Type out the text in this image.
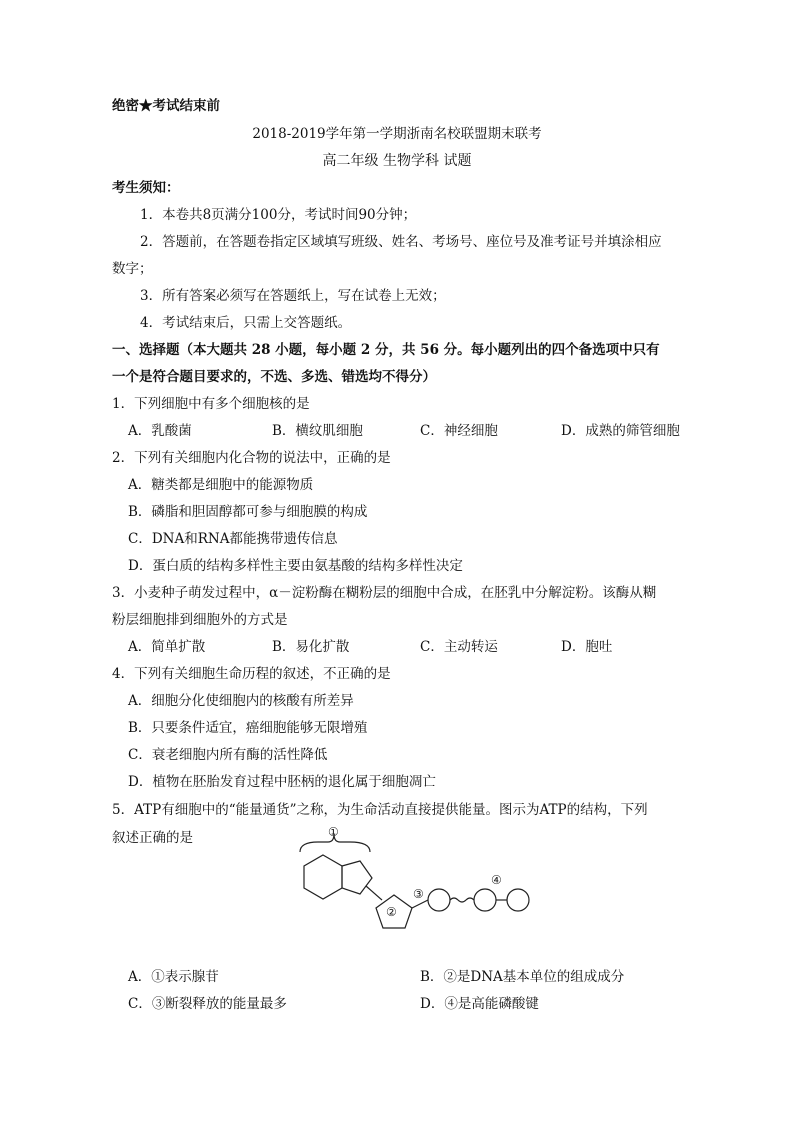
绝密★考试结束前
2018-2019学年第一学期浙南名校联盟期末联考
高二年级 生物学科 试题
考生须知：
1．本卷共8页满分100分，考试时间90分钟；
2．答题前，在答题卷指定区域填写班级、姓名、考场号、座位号及准考证号并填涂相应
数字；
3．所有答案必须写在答题纸上，写在试卷上无效；
4．考试结束后，只需上交答题纸。
一、选择题（本大题共 28 小题，每小题 2 分，共 56 分。每小题列出的四个备选项中只有
一个是符合题目要求的，不选、多选、错选均不得分）
1．下列细胞中有多个细胞核的是
A．乳酸菌	B．横纹肌细胞	C．神经细胞	D．成熟的筛管细胞
2．下列有关细胞内化合物的说法中，正确的是
A．糖类都是细胞中的能源物质
B．磷脂和胆固醇都可参与细胞膜的构成
C．DNA和RNA都能携带遗传信息
D．蛋白质的结构多样性主要由氨基酸的结构多样性决定
3．小麦种子萌发过程中，α－淀粉酶在糊粉层的细胞中合成，在胚乳中分解淀粉。该酶从糊
粉层细胞排到细胞外的方式是
A．简单扩散	B．易化扩散	C．主动转运	D．胞吐
4．下列有关细胞生命历程的叙述，不正确的是
A．细胞分化使细胞内的核酸有所差异
B．只要条件适宜，癌细胞能够无限增殖
C．衰老细胞内所有酶的活性降低
D．植物在胚胎发育过程中胚柄的退化属于细胞凋亡
5．ATP有细胞中的“能量通货”之称，为生命活动直接提供能量。图示为ATP的结构，下列
叙述正确的是	①
②
③
④
A．①表示腺苷	B．②是DNA基本单位的组成成分
C．③断裂释放的能量最多	D．④是高能磷酸键
